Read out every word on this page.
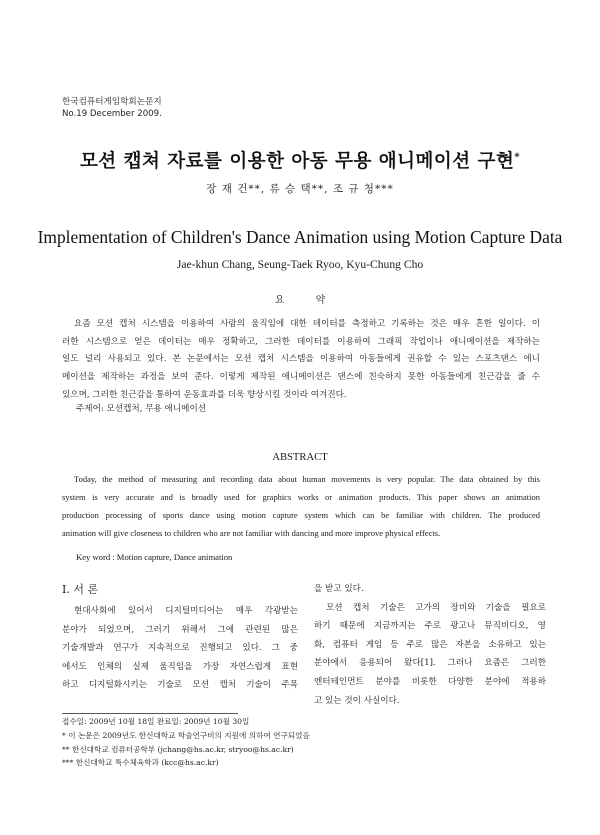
한국컴퓨터게임학회논문지
No.19 December 2009.
모션 캡쳐 자료를 이용한 아동 무용 애니메이션 구현*
장 재 건**, 류 승 택**, 조 규 청***
Implementation of Children's Dance Animation using Motion Capture Data
Jae-khun Chang, Seung-Taek Ryoo, Kyu-Chung Cho
요 약
요즘 모션 캡처 시스템을 이용하여 사람의 움직임에 대한 데이터를 측정하고 기록하는 것은 매우 흔한 일이다. 이
러한 시스템으로 얻은 데이터는 매우 정확하고, 그러한 데이터를 이용하여 그래픽 작업이나 애니메이션을 제작하는
일도 널리 사용되고 있다. 본 논문에서는 모션 캡처 시스템을 이용하여 아동들에게 권유할 수 있는 스포츠댄스 애니
메이션을 제작하는 과정을 보여 준다. 이렇게 제작된 애니메이션은 댄스에 친숙하지 못한 아동들에게 친근감을 줄 수
있으며, 그러한 친근감을 통하여 운동효과를 더욱 향상시킬 것이라 여겨진다.
주제어: 모션캡처, 무용 애니메이션
ABSTRACT
Today, the method of measuring and recording data about human movements is very popular. The data obtained by this
system is very accurate and is broadly used for graphics works or animation products. This paper shows an animation
production processing of sports dance using motion capture system which can be familiar with children. The produced
animation will give closeness to children who are not familiar with dancing and more improve physical effects.
Key word : Motion capture, Dance animation
Ⅰ. 서 론
현대사회에 있어서 디지털미디어는 매우 각광받는
분야가 되었으며, 그러기 위해서 그에 관련된 많은
기술개발과 연구가 지속적으로 진행되고 있다. 그 중
에서도 인체의 실제 움직임을 가장 자연스럽게 표현
하고 디지털화시키는 기술로 모션 캡처 기술이 주목
을 받고 있다.
모션 캡처 기술은 고가의 장비와 기술을 필요로
하기 때문에 지금까지는 주로 광고나 뮤직비디오, 영
화, 컴퓨터 게임 등 주로 많은 자본을 소유하고 있는
분야에서 응용되어 왔다[1]. 그러나 요즘은 그러한
엔터테인먼트 분야를 비롯한 다양한 분야에 적용하
고 있는 것이 사실이다.
접수일: 2009년 10월 18일 완료일: 2009년 10월 30일
* 이 논문은 2009년도 한신대학교 학술연구비의 지원에 의하여 연구되었음
** 한신대학교 컴퓨터공학부 (jchang@hs.ac.kr, stryoo@hs.ac.kr)
*** 한신대학교 특수체육학과 (kcc@hs.ac.kr)
